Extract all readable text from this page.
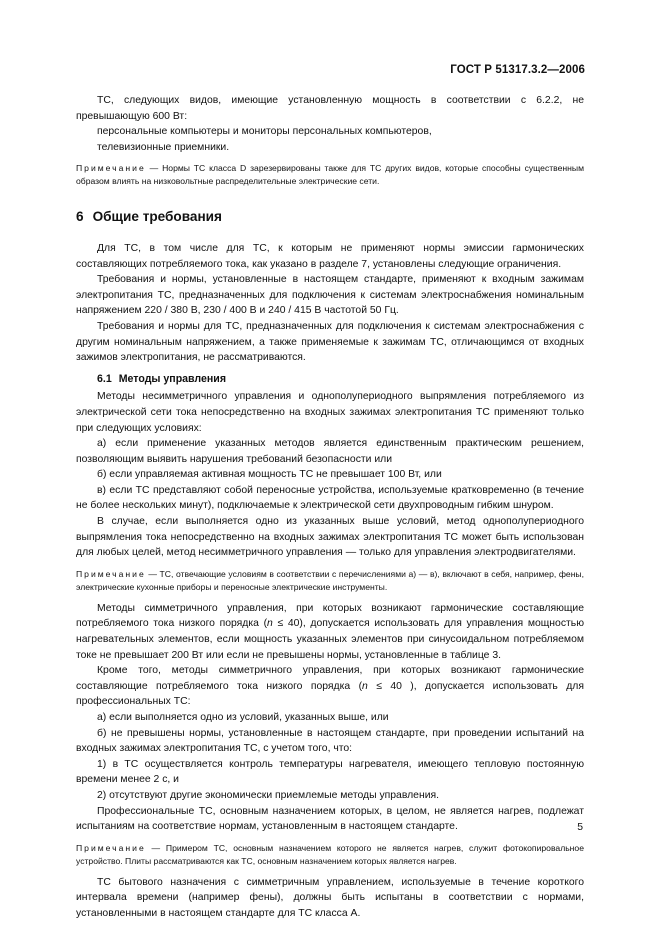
ГОСТ Р 51317.3.2—2006

ТС, следующих видов, имеющие установленную мощность в соответствии с 6.2.2, не превышающую 600 Вт:

персональные компьютеры и мониторы персональных компьютеров,

телевизионные приемники.

Примечание — Нормы ТС класса D зарезервированы также для ТС других видов, которые способны существенным образом влиять на низковольтные распределительные электрические сети.

6 Общие требования

Для ТС, в том числе для ТС, к которым не применяют нормы эмиссии гармонических составляющих потребляемого тока, как указано в разделе 7, установлены следующие ограничения.

Требования и нормы, установленные в настоящем стандарте, применяют к входным зажимам электропитания ТС, предназначенных для подключения к системам электроснабжения номинальным напряжением 220 / 380 В, 230 / 400 В и 240 / 415 В частотой 50 Гц.

Требования и нормы для ТС, предназначенных для подключения к системам электроснабжения с другим номинальным напряжением, а также применяемые к зажимам ТС, отличающимся от входных зажимов электропитания, не рассматриваются.

6.1 Методы управления

Методы несимметричного управления и однополупериодного выпрямления потребляемого из электрической сети тока непосредственно на входных зажимах электропитания ТС применяют только при следующих условиях:

а) если применение указанных методов является единственным практическим решением, позволяющим выявить нарушения требований безопасности или

б) если управляемая активная мощность ТС не превышает 100 Вт, или

в) если ТС представляют собой переносные устройства, используемые кратковременно (в течение не более нескольких минут), подключаемые к электрической сети двухпроводным гибким шнуром.

В случае, если выполняется одно из указанных выше условий, метод однополупериодного выпрямления тока непосредственно на входных зажимах электропитания ТС может быть использован для любых целей, метод несимметричного управления — только для управления электродвигателями.

Примечание — ТС, отвечающие условиям в соответствии с перечислениями а) — в), включают в себя, например, фены, электрические кухонные приборы и переносные электрические инструменты.

Методы симметричного управления, при которых возникают гармонические составляющие потребляемого тока низкого порядка (n ≤ 40), допускается использовать для управления мощностью нагревательных элементов, если мощность указанных элементов при синусоидальном потребляемом токе не превышает 200 Вт или если не превышены нормы, установленные в таблице 3.

Кроме того, методы симметричного управления, при которых возникают гармонические составляющие потребляемого тока низкого порядка (n ≤ 40 ), допускается использовать для профессиональных ТС:

а) если выполняется одно из условий, указанных выше, или

б) не превышены нормы, установленные в настоящем стандарте, при проведении испытаний на входных зажимах электропитания ТС, с учетом того, что:

1) в ТС осуществляется контроль температуры нагревателя, имеющего тепловую постоянную времени менее 2 с, и

2) отсутствуют другие экономически приемлемые методы управления.

Профессиональные ТС, основным назначением которых, в целом, не является нагрев, подлежат испытаниям на соответствие нормам, установленным в настоящем стандарте.

Примечание — Примером ТС, основным назначением которого не является нагрев, служит фотокопировальное устройство. Плиты рассматриваются как ТС, основным назначением которых является нагрев.

ТС бытового назначения с симметричным управлением, используемые в течение короткого интервала времени (например фены), должны быть испытаны в соответствии с нормами, установленными в настоящем стандарте для ТС класса А.

5
